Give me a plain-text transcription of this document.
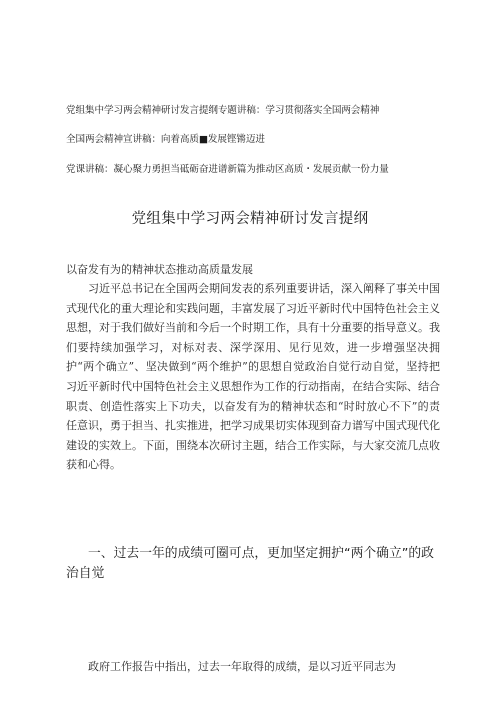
党组集中学习两会精神研讨发言提纲专题讲稿：学习贯彻落实全国两会精神
全国两会精神宣讲稿：向着高质■发展铿锵迈进
党课讲稿：凝心聚力勇担当砥砺奋进谱新篇为推动区高质・发展贡献一份力量
党组集中学习两会精神研讨发言提纲
以奋发有为的精神状态推动高质量发展

习近平总书记在全国两会期间发表的系列重要讲话，深入阐释了事关中国式现代化的重大理论和实践问题，丰富发展了习近平新时代中国特色社会主义思想，对于我们做好当前和今后一个时期工作，具有十分重要的指导意义。我们要持续加强学习，对标对表、深学深用、见行见效，进一步增强坚决拥护“两个确立”、坚决做到“两个维护”的思想自觉政治自觉行动自觉，坚持把习近平新时代中国特色社会主义思想作为工作的行动指南，在结合实际、结合职责、创造性落实上下功夫，以奋发有为的精神状态和“时时放心不下”的责任意识，勇于担当、扎实推进，把学习成果切实体现到奋力谱写中国式现代化建设的实效上。下面，围绕本次研讨主题，结合工作实际，与大家交流几点收获和心得。

一、过去一年的成绩可圈可点，更加坚定拥护“两个确立”的政治自觉

政府工作报告中指出，过去一年取得的成绩，是以习近平同志为
